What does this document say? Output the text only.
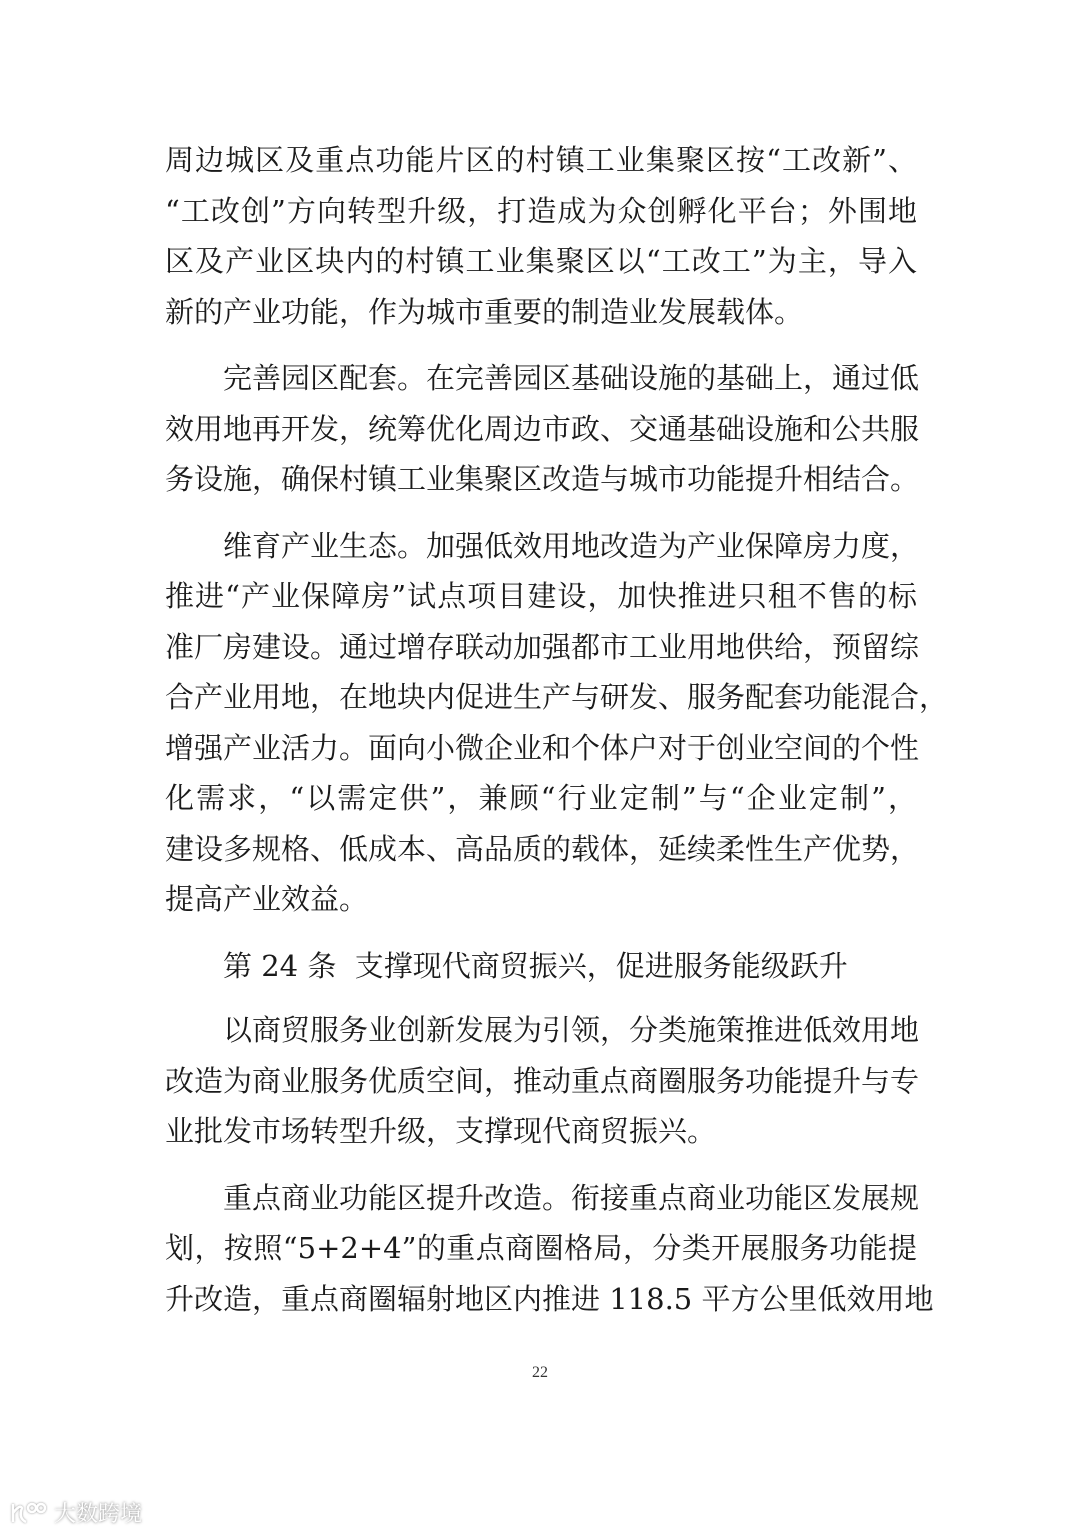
周边城区及重点功能片区的村镇工业集聚区按“工改新”、
“工改创”方向转型升级，打造成为众创孵化平台；外围地
区及产业区块内的村镇工业集聚区以“工改工”为主，导入
新的产业功能，作为城市重要的制造业发展载体。
　　完善园区配套。在完善园区基础设施的基础上，通过低
效用地再开发，统筹优化周边市政、交通基础设施和公共服
务设施，确保村镇工业集聚区改造与城市功能提升相结合。
　　维育产业生态。加强低效用地改造为产业保障房力度，
推进“产业保障房”试点项目建设，加快推进只租不售的标
准厂房建设。通过增存联动加强都市工业用地供给，预留综
合产业用地，在地块内促进生产与研发、服务配套功能混合，
增强产业活力。面向小微企业和个体户对于创业空间的个性
化需求，“以需定供”，兼顾“行业定制”与“企业定制”，
建设多规格、低成本、高品质的载体，延续柔性生产优势，
提高产业效益。
　　第 24 条  支撑现代商贸振兴，促进服务能级跃升
　　以商贸服务业创新发展为引领，分类施策推进低效用地
改造为商业服务优质空间，推动重点商圈服务功能提升与专
业批发市场转型升级，支撑现代商贸振兴。
　　重点商业功能区提升改造。衔接重点商业功能区发展规
划，按照“5+2+4”的重点商圈格局，分类开展服务功能提
升改造，重点商圈辐射地区内推进 118.5 平方公里低效用地
22
大数跨境
